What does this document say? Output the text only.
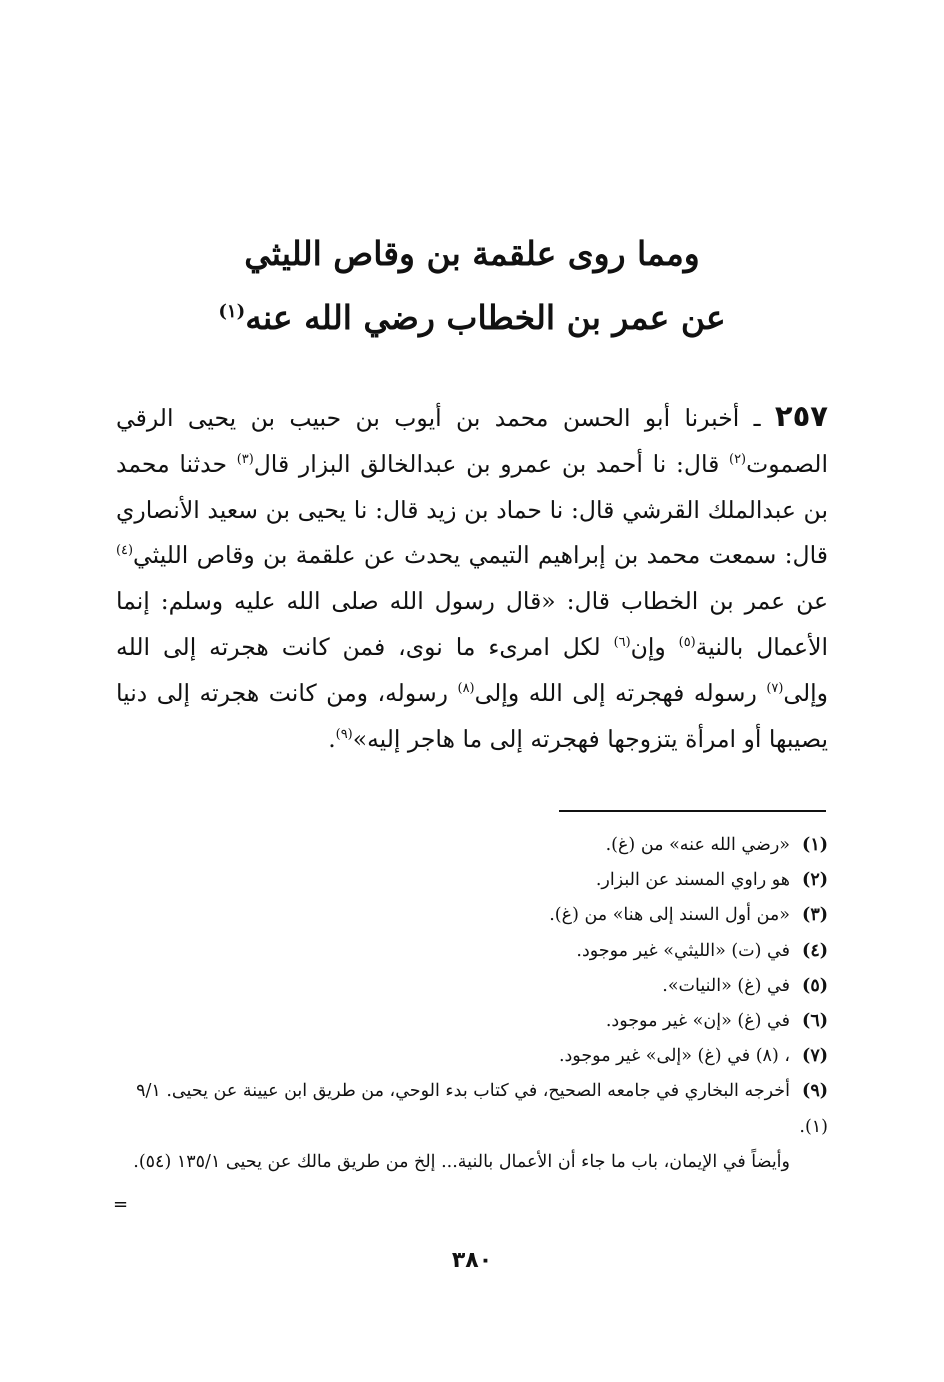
ومما روى علقمة بن وقاص الليثي
عن عمر بن الخطاب رضي الله عنه$^{(١)}$

٢٥٧ ـ أخبرنا أبو الحسن محمد بن أيوب بن حبيب بن يحيى الرقي الصموت$^{(٢)}$ قال: نا أحمد بن عمرو بن عبدالخالق البزار قال$^{(٣)}$ حدثنا محمد بن عبدالملك القرشي قال: نا حماد بن زيد قال: نا يحيى بن سعيد الأنصاري قال: سمعت محمد بن إبراهيم التيمي يحدث عن علقمة بن وقاص الليثي$^{(٤)}$ عن عمر بن الخطاب قال: «قال رسول الله صلى الله عليه وسلم: إنما الأعمال بالنية$^{(٥)}$ وإن$^{(٦)}$ لكل امرىء ما نوى، فمن كانت هجرته إلى الله وإلى$^{(٧)}$ رسوله فهجرته إلى الله وإلى$^{(٨)}$ رسوله، ومن كانت هجرته إلى دنيا يصيبها أو امرأة يتزوجها فهجرته إلى ما هاجر إليه»$^{(٩)}$.

(١)«رضي الله عنه» من (غ).
(٢)هو راوي المسند عن البزار.
(٣)«من أول السند إلى هنا» من (غ).
(٤)في (ت) «الليثي» غير موجود.
(٥)في (غ) «النيات».
(٦)في (غ) «إن» غير موجود.
(٧)، (٨) في (غ) «إلى» غير موجود.
(٩)أخرجه البخاري في جامعه الصحيح، في كتاب بدء الوحي، من طريق ابن عيينة عن يحيى. ٩/١ (١).
وأيضاً في الإيمان، باب ما جاء أن الأعمال بالنية... إلخ من طريق مالك عن يحيى ١٣٥/١ (٥٤).
=
٣٨٠
